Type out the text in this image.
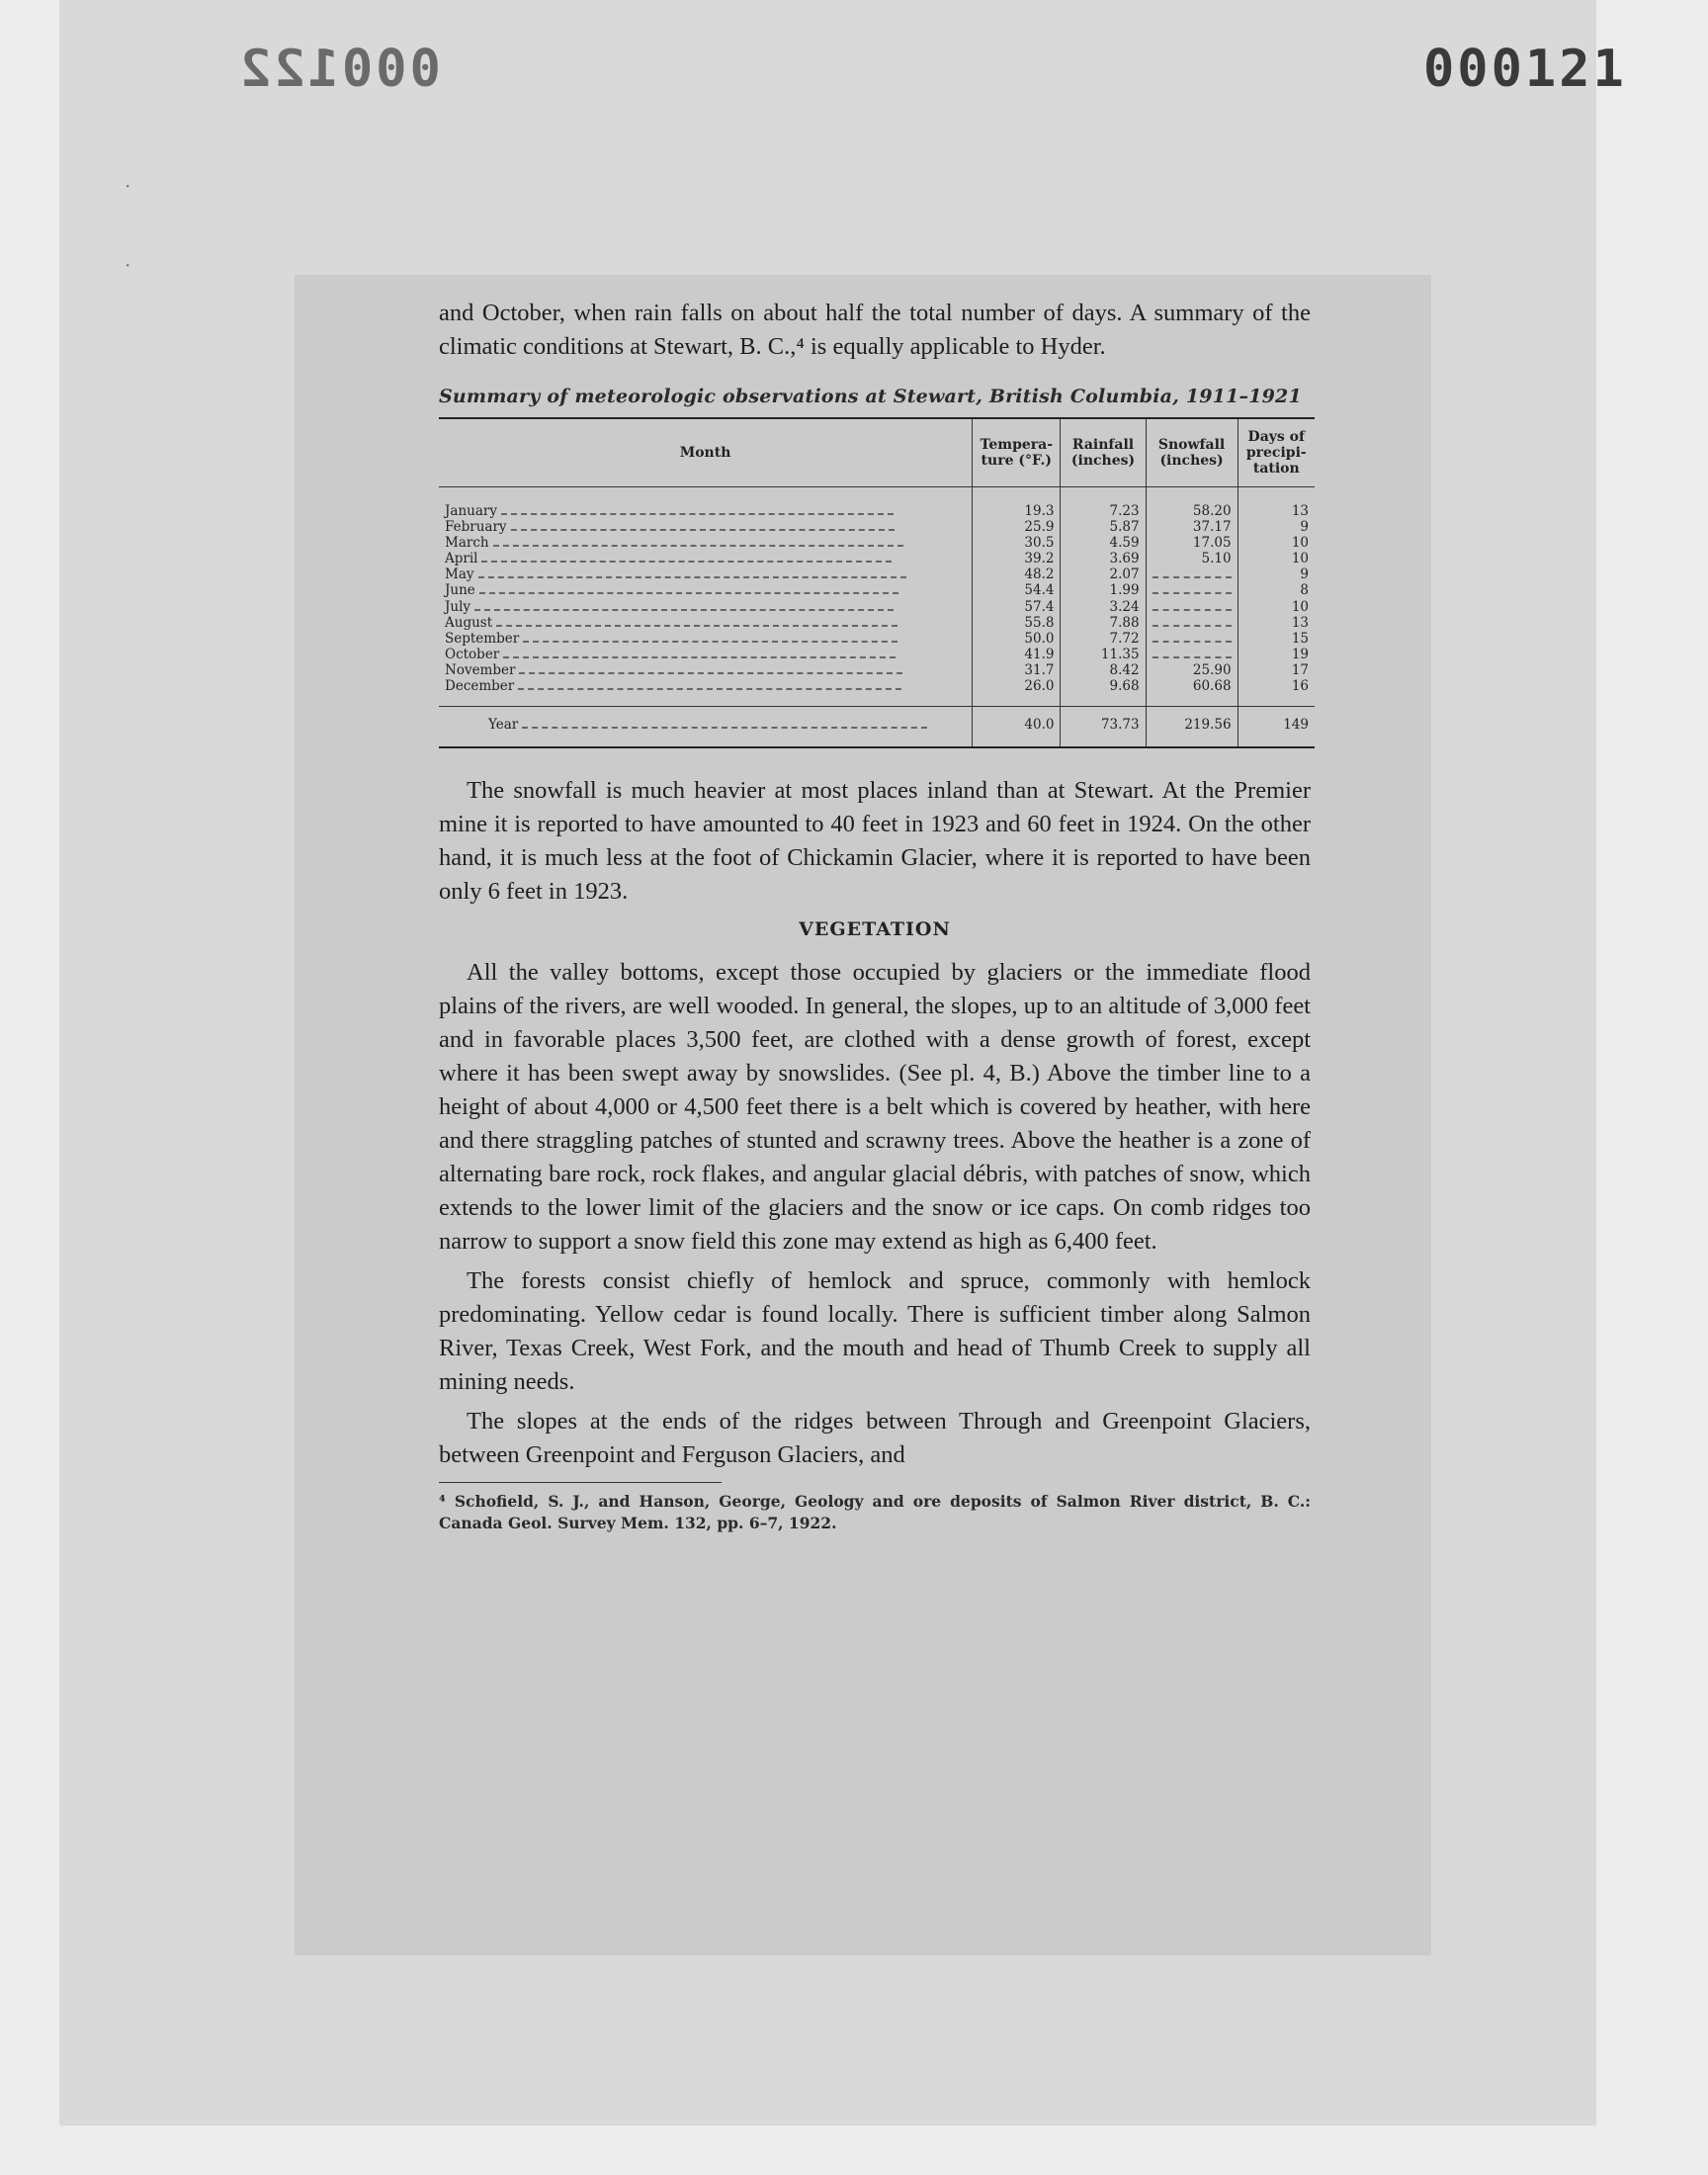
000122	000121
·
·

and October, when rain falls on about half the total number of days. A summary of the climatic conditions at Stewart, B. C.,⁴ is equally applicable to Hyder.

Summary of meteorologic observations at Stewart, British Columbia, 1911–1921
Month	Tempera- ture (°F.)	Rainfall (inches)	Snowfall (inches)	Days of precipi- tation
January	19.3	7.23	58.20	13
February	25.9	5.87	37.17	9
March	30.5	4.59	17.05	10
April	39.2	3.69	5.10	10
May	48.2	2.07		9
June	54.4	1.99		8
July	57.4	3.24		10
August	55.8	7.88		13
September	50.0	7.72		15
October	41.9	11.35		19
November	31.7	8.42	25.90	17
December	26.0	9.68	60.68	16
Year	40.0	73.73	219.56	149

The snowfall is much heavier at most places inland than at Stewart. At the Premier mine it is reported to have amounted to 40 feet in 1923 and 60 feet in 1924. On the other hand, it is much less at the foot of Chickamin Glacier, where it is reported to have been only 6 feet in 1923.

VEGETATION

All the valley bottoms, except those occupied by glaciers or the immediate flood plains of the rivers, are well wooded. In general, the slopes, up to an altitude of 3,000 feet and in favorable places 3,500 feet, are clothed with a dense growth of forest, except where it has been swept away by snowslides. (See pl. 4, B.) Above the timber line to a height of about 4,000 or 4,500 feet there is a belt which is covered by heather, with here and there straggling patches of stunted and scrawny trees. Above the heather is a zone of alternating bare rock, rock flakes, and angular glacial débris, with patches of snow, which extends to the lower limit of the glaciers and the snow or ice caps. On comb ridges too narrow to support a snow field this zone may extend as high as 6,400 feet.

The forests consist chiefly of hemlock and spruce, commonly with hemlock predominating. Yellow cedar is found locally. There is sufficient timber along Salmon River, Texas Creek, West Fork, and the mouth and head of Thumb Creek to supply all mining needs.

The slopes at the ends of the ridges between Through and Greenpoint Glaciers, between Greenpoint and Ferguson Glaciers, and

⁴ Schofield, S. J., and Hanson, George, Geology and ore deposits of Salmon River district, B. C.: Canada Geol. Survey Mem. 132, pp. 6–7, 1922.
